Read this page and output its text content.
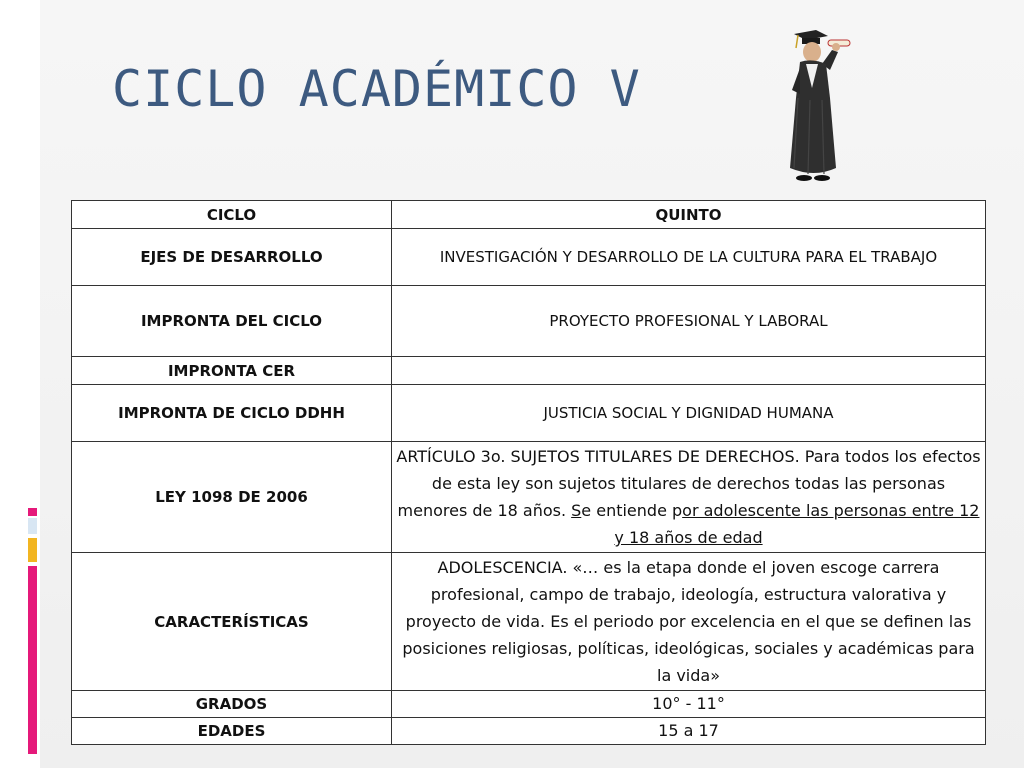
CICLO ACADÉMICO V
CICLO	QUINTO
EJES DE DESARROLLO	INVESTIGACIÓN Y DESARROLLO DE LA CULTURA PARA EL TRABAJO
IMPRONTA DEL CICLO	PROYECTO PROFESIONAL Y LABORAL
IMPRONTA CER	
IMPRONTA DE CICLO DDHH	JUSTICIA SOCIAL Y DIGNIDAD HUMANA
LEY 1098 DE 2006	ARTÍCULO 3o. SUJETOS TITULARES DE DERECHOS. Para todos los efectos de esta ley son sujetos titulares de derechos todas las personas menores de 18 años. Se entiende por adolescente las personas entre 12 y 18 años de edad
CARACTERÍSTICAS	ADOLESCENCIA. «… es la etapa donde el joven escoge carrera profesional, campo de trabajo, ideología, estructura valorativa y proyecto de vida. Es el periodo por excelencia en el que se definen las posiciones religiosas, políticas, ideológicas, sociales y académicas para la vida»
GRADOS	10° - 11°
EDADES	15 a 17
